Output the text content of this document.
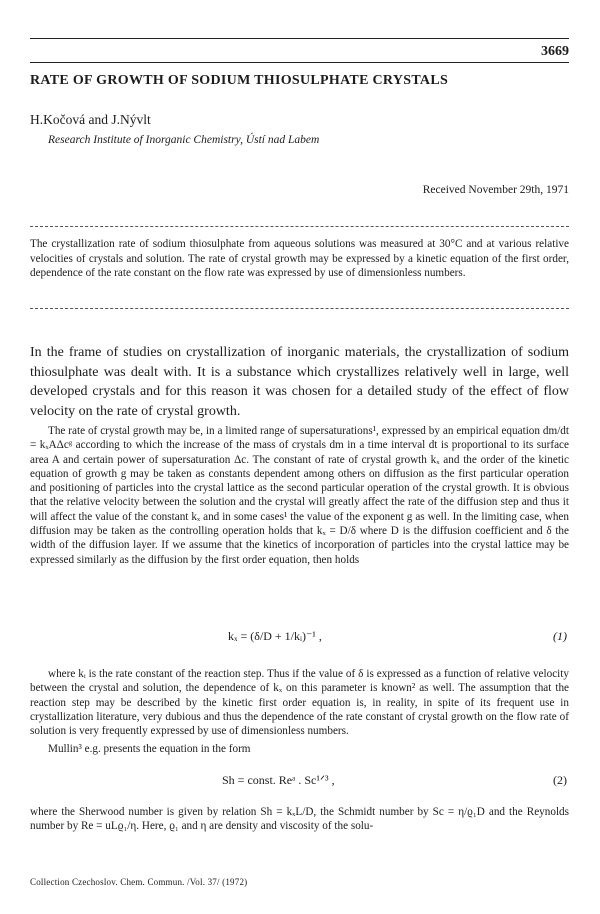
3669
RATE OF GROWTH OF SODIUM THIOSULPHATE CRYSTALS
H.Kočová and J.Nývlt
Research Institute of Inorganic Chemistry, Ústí nad Labem
Received November 29th, 1971

The crystallization rate of sodium thiosulphate from aqueous solutions was measured at 30°C and at various relative velocities of crystals and solution. The rate of crystal growth may be expressed by a kinetic equation of the first order, dependence of the rate constant on the flow rate was expressed by use of dimensionless numbers.

In the frame of studies on crystallization of inorganic materials, the crystallization of sodium thiosulphate was dealt with. It is a substance which crystallizes relatively well in large, well developed crystals and for this reason it was chosen for a detailed study of the effect of flow velocity on the rate of crystal growth.

The rate of crystal growth may be, in a limited range of supersaturations¹, expressed by an empirical equation dm/dt = kₓAΔcᵍ according to which the increase of the mass of crystals dm in a time interval dt is proportional to its surface area A and certain power of supersaturation Δc. The constant of rate of crystal growth kₓ and the order of the kinetic equation of growth g may be taken as constants dependent among others on diffusion as the first particular operation and positioning of particles into the crystal lattice as the second particular operation of the crystal growth. It is obvious that the relative velocity between the solution and the crystal will greatly affect the rate of the diffusion step and thus it will affect the value of the constant kₓ and in some cases¹ the value of the exponent g as well. In the limiting case, when diffusion may be taken as the controlling operation holds that kₓ = D/δ where D is the diffusion coefficient and δ the width of the diffusion layer. If we assume that the kinetics of incorporation of particles into the crystal lattice may be expressed similarly as the diffusion by the first order equation, then holds

kₓ = (δ/D + 1/kᵢ)⁻¹ ,	(1)

where kᵢ is the rate constant of the reaction step. Thus if the value of δ is expressed as a function of relative velocity between the crystal and solution, the dependence of kₓ on this parameter is known² as well. The assumption that the reaction step may be described by the kinetic first order equation is, in reality, in spite of its frequent use in crystallization literature, very dubious and thus the dependence of the rate constant of crystal growth on the flow rate of solution is very frequently expressed by use of dimensionless numbers.

Mullin³ e.g. presents the equation in the form
Sh = const. Reᵃ . Sc¹ᐟ³ ,	(2)

where the Sherwood number is given by relation Sh = kₓL/D, the Schmidt number by Sc = η/ϱ₁D and the Reynolds number by Re = uLϱ₁/η. Here, ϱ₁ and η are density and viscosity of the solu-

Collection Czechoslov. Chem. Commun. /Vol. 37/ (1972)
